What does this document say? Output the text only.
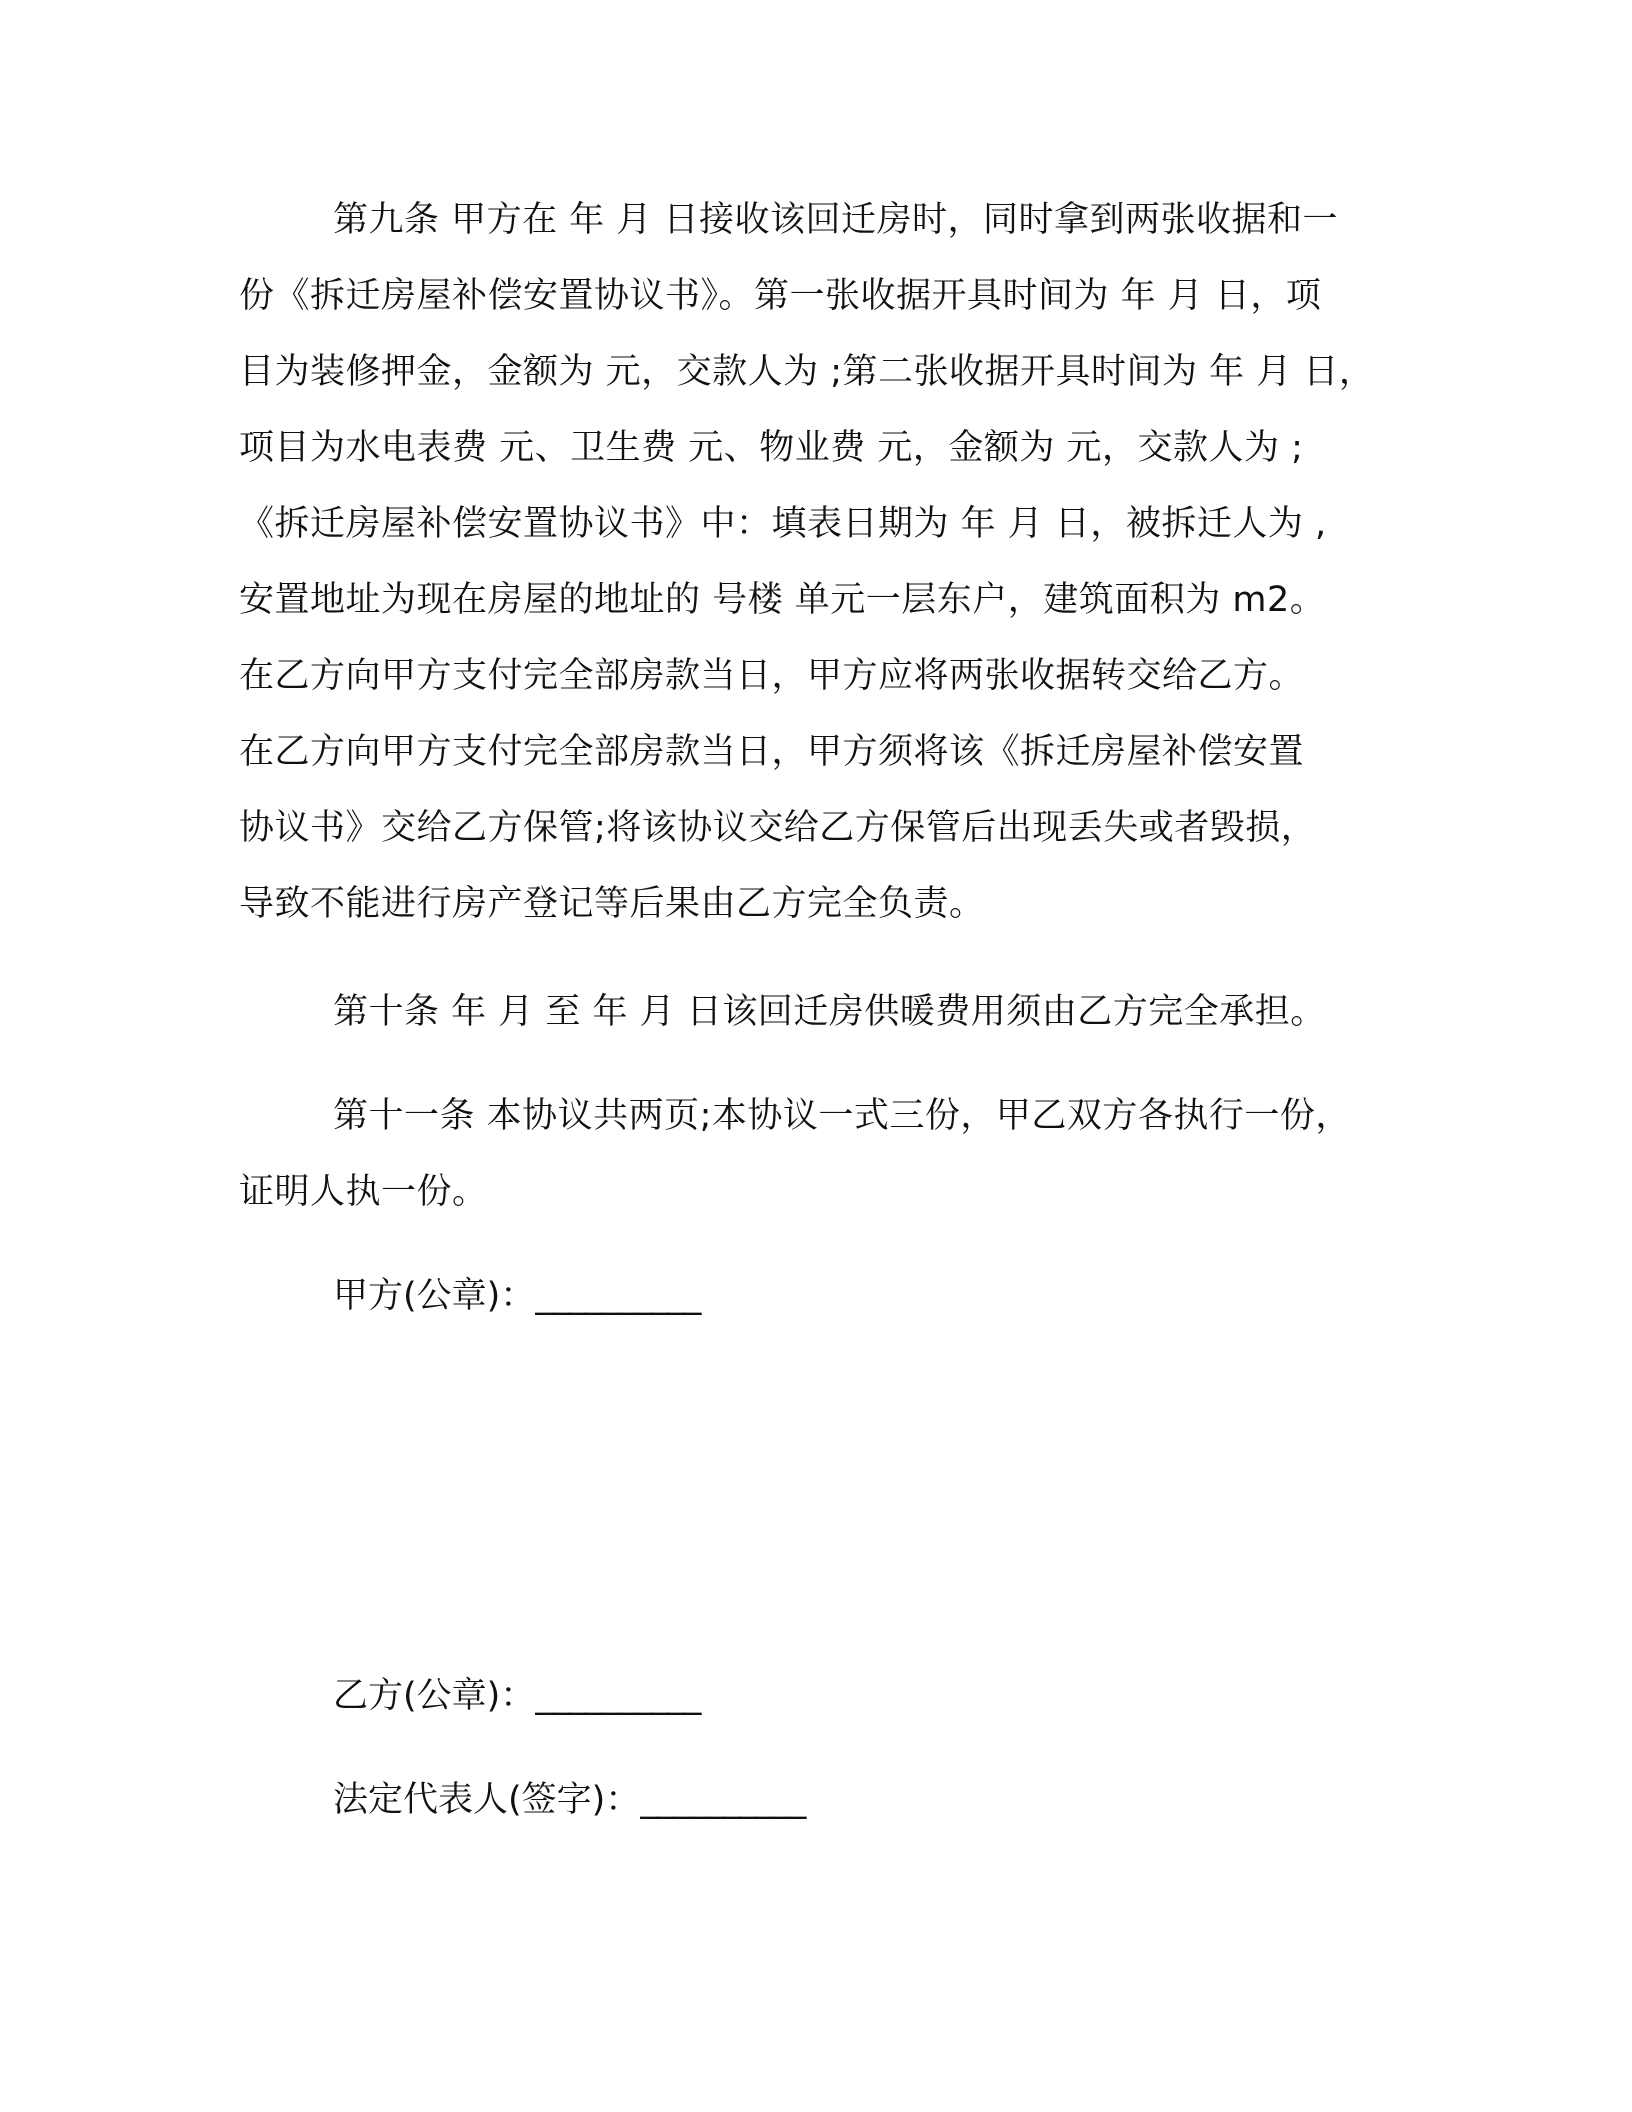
第九条 甲方在 年 月 日接收该回迁房时，同时拿到两张收据和一

份《拆迁房屋补偿安置协议书》。第一张收据开具时间为 年 月 日，项

目为装修押金，金额为 元，交款人为 ;第二张收据开具时间为 年 月 日，

项目为水电表费 元、卫生费 元、物业费 元，金额为 元，交款人为 ;

《拆迁房屋补偿安置协议书》中：填表日期为 年 月 日，被拆迁人为 ,

安置地址为现在房屋的地址的 号楼 单元一层东户，建筑面积为 m2。

在乙方向甲方支付完全部房款当日，甲方应将两张收据转交给乙方。

在乙方向甲方支付完全部房款当日，甲方须将该《拆迁房屋补偿安置

协议书》交给乙方保管;将该协议交给乙方保管后出现丢失或者毁损，

导致不能进行房产登记等后果由乙方完全负责。

第十条 年 月 至 年 月 日该回迁房供暖费用须由乙方完全承担。

第十一条 本协议共两页;本协议一式三份，甲乙双方各执行一份，

证明人执一份。

甲方(公章)：__________

乙方(公章)：__________

法定代表人(签字)：__________
